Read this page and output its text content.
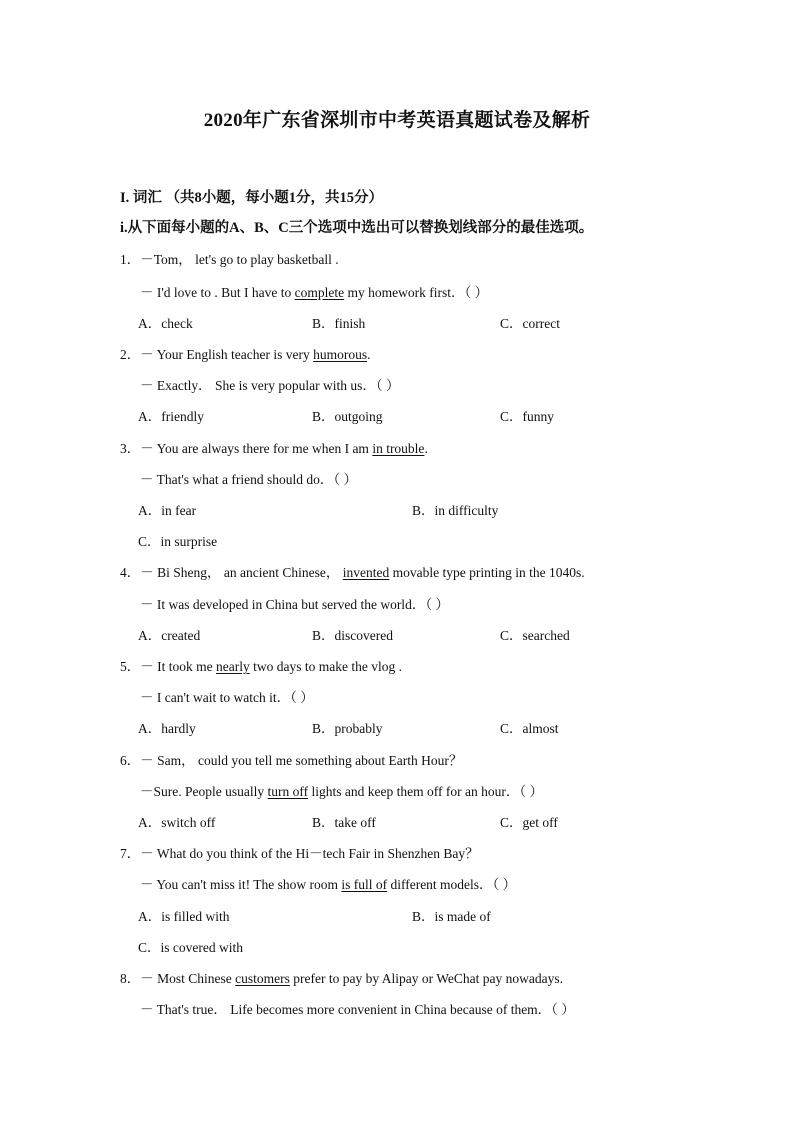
2020年广东省深圳市中考英语真题试卷及解析
I. 词汇 （共8小题，每小题1分，共15分）
i.从下面每小题的A、B、C三个选项中选出可以替换划线部分的最佳选项。
1．－Tom， let's go to play basketball .
－ I'd love to . But I have to complete my homework first．（ ）
A．check	B．finish	C．correct
2．－ Your English teacher is very humorous.
－ Exactly． She is very popular with us．（ ）
A．friendly	B．outgoing	C．funny
3．－ You are always there for me when I am in trouble.
－ That's what a friend should do．（ ）
A．in fear	B．in difficulty
C．in surprise
4．－ Bi Sheng， an ancient Chinese， invented movable type printing in the 1040s.
－ It was developed in China but served the world．（ ）
A．created	B．discovered	C．searched
5．－ It took me nearly two days to make the vlog .
－ I can't wait to watch it．（ ）
A．hardly	B．probably	C．almost
6．－ Sam， could you tell me something about Earth Hour？
－Sure. People usually turn off lights and keep them off for an hour．（ ）
A．switch off	B．take off	C．get off
7．－ What do you think of the Hi－tech Fair in Shenzhen Bay？
－ You can't miss it! The show room is full of different models．（ ）
A．is filled with	B．is made of
C．is covered with
8．－ Most Chinese customers prefer to pay by Alipay or WeChat pay nowadays.
－ That's true． Life becomes more convenient in China because of them．（ ）
